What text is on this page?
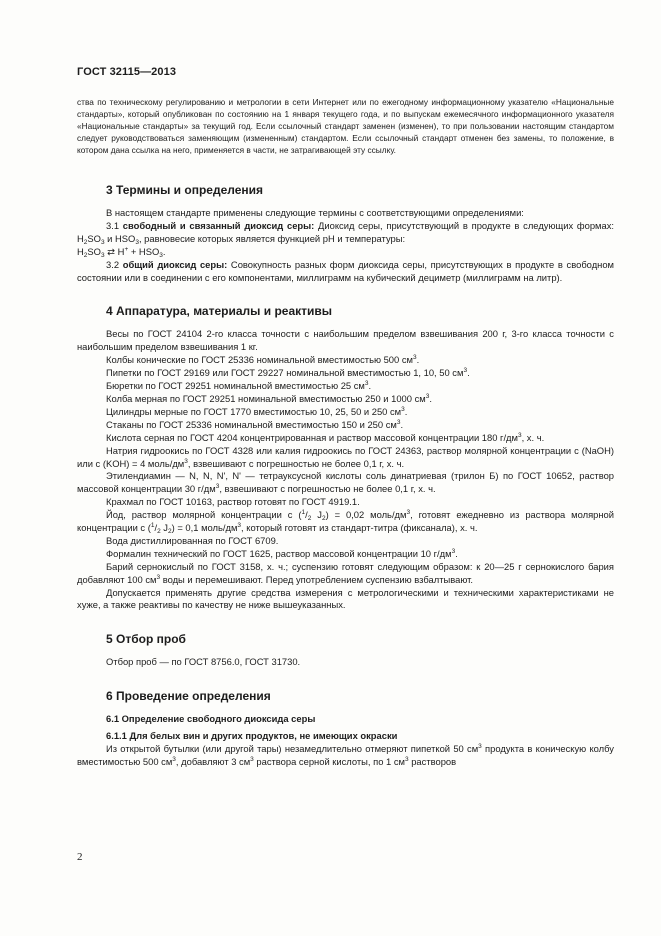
ГОСТ 32115—2013

ства по техническому регулированию и метрологии в сети Интернет или по ежегодному информационному указателю «Национальные стандарты», который опубликован по состоянию на 1 января текущего года, и по выпускам ежемесячного информационного указателя «Национальные стандарты» за текущий год. Если ссылочный стандарт заменен (изменен), то при пользовании настоящим стандартом следует руководствоваться заменяющим (измененным) стандартом. Если ссылочный стандарт отменен без замены, то положение, в котором дана ссылка на него, применяется в части, не затрагивающей эту ссылку.

3 Термины и определения

В настоящем стандарте применены следующие термины с соответствующими определениями:

3.1 свободный и связанный диоксид серы: Диоксид серы, присутствующий в продукте в следующих формах: $H_2SO_3$ и $HSO_3$, равновесие которых является функцией pH и температуры:

$H_2SO_3$ ⇄ $H^+ + HSO_3$.

3.2 общий диоксид серы: Совокупность разных форм диоксида серы, присутствующих в продукте в свободном состоянии или в соединении с его компонентами, миллиграмм на кубический дециметр (миллиграмм на литр).

4 Аппаратура, материалы и реактивы

Весы по ГОСТ 24104 2-го класса точности с наибольшим пределом взвешивания 200 г, 3-го класса точности с наибольшим пределом взвешивания 1 кг.

Колбы конические по ГОСТ 25336 номинальной вместимостью 500 $см^3$.

Пипетки по ГОСТ 29169 или ГОСТ 29227 номинальной вместимостью 1, 10, 50 $см^3$.

Бюретки по ГОСТ 29251 номинальной вместимостью 25 $см^3$.

Колба мерная по ГОСТ 29251 номинальной вместимостью 250 и 1000 $см^3$.

Цилиндры мерные по ГОСТ 1770 вместимостью 10, 25, 50 и 250 $см^3$.

Стаканы по ГОСТ 25336 номинальной вместимостью 150 и 250 $см^3$.

Кислота серная по ГОСТ 4204 концентрированная и раствор массовой концентрации 180 $г/дм^3$, х. ч.

Натрия гидроокись по ГОСТ 4328 или калия гидроокись по ГОСТ 24363, раствор молярной концентрации с (NaOH) или с (KOH) = 4 моль/$дм^3$, взвешивают с погрешностью не более 0,1 г, х. ч.

Этилендиамин — N, N, N', N' — тетрауксусной кислоты соль динатриевая (трилон Б) по ГОСТ 10652, раствор массовой концентрации 30 $г/дм^3$, взвешивают с погрешностью не более 0,1 г, х. ч.

Крахмал по ГОСТ 10163, раствор готовят по ГОСТ 4919.1.

Йод, раствор молярной концентрации с ($^1/_2$ $J_2) = 0,02$ моль/$дм^3$, готовят ежедневно из раствора молярной концентрации с ($^1/_2$ $J_2) = 0,1$ моль/$дм^3$, который готовят из стандарт-титра (фиксанала), х. ч.

Вода дистиллированная по ГОСТ 6709.

Формалин технический по ГОСТ 1625, раствор массовой концентрации 10 $г/дм^3$.

Барий сернокислый по ГОСТ 3158, х. ч.; суспензию готовят следующим образом: к 20—25 г сернокислого бария добавляют 100 $см^3$ воды и перемешивают. Перед употреблением суспензию взбалтывают.

Допускается применять другие средства измерения с метрологическими и техническими характеристиками не хуже, а также реактивы по качеству не ниже вышеуказанных.

5 Отбор проб

Отбор проб — по ГОСТ 8756.0, ГОСТ 31730.

6 Проведение определения
6.1 Определение свободного диоксида серы
6.1.1 Для белых вин и других продуктов, не имеющих окраски

Из открытой бутылки (или другой тары) незамедлительно отмеряют пипеткой 50 $см^3$ продукта в коническую колбу вместимостью 500 $см^3$, добавляют 3 $см^3$ раствора серной кислоты, по 1 $см^3$ растворов

2
